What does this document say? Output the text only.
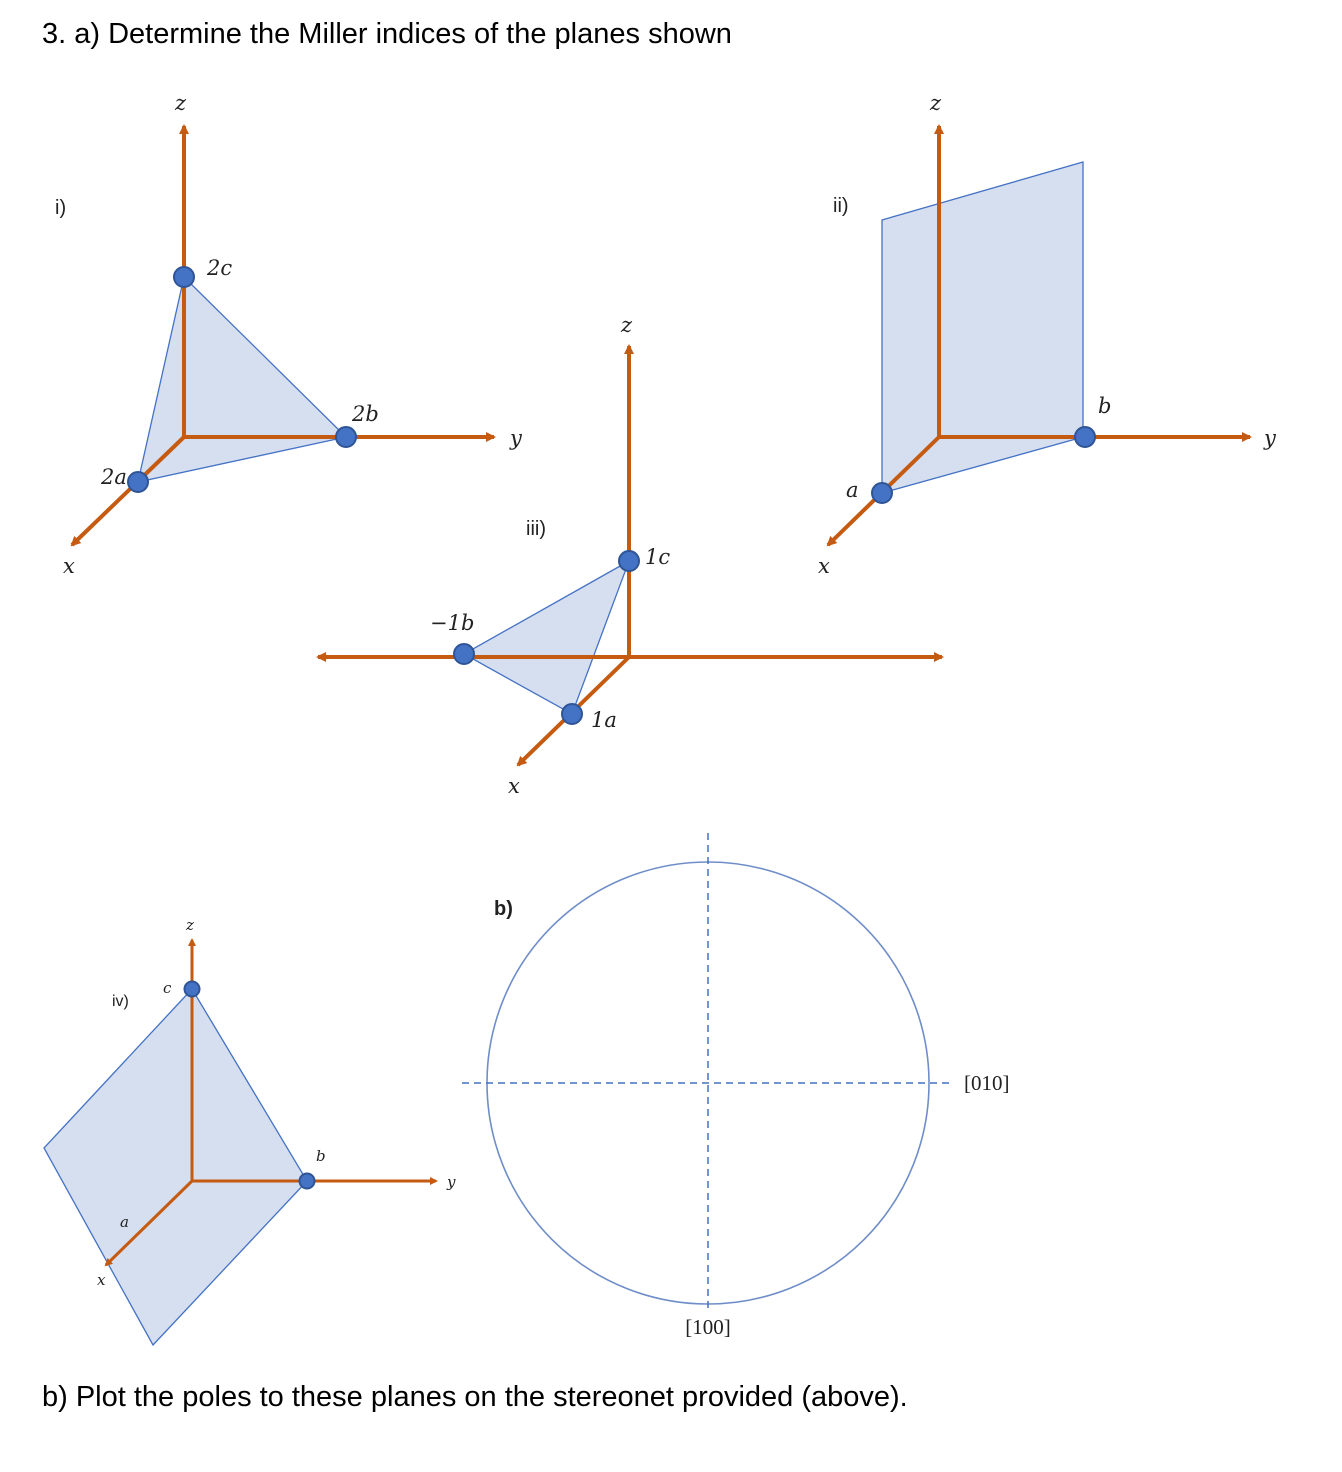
3. a) Determine the Miller indices of the planes shown
i)
z
y
x
2c
2b
2a
ii)
z
y
x
b
a
iii)
z
x
1c
−1b
1a
iv)
z
y
x
c
b
a
b)
[100]
[010]
b) Plot the poles to these planes on the stereonet provided (above).
